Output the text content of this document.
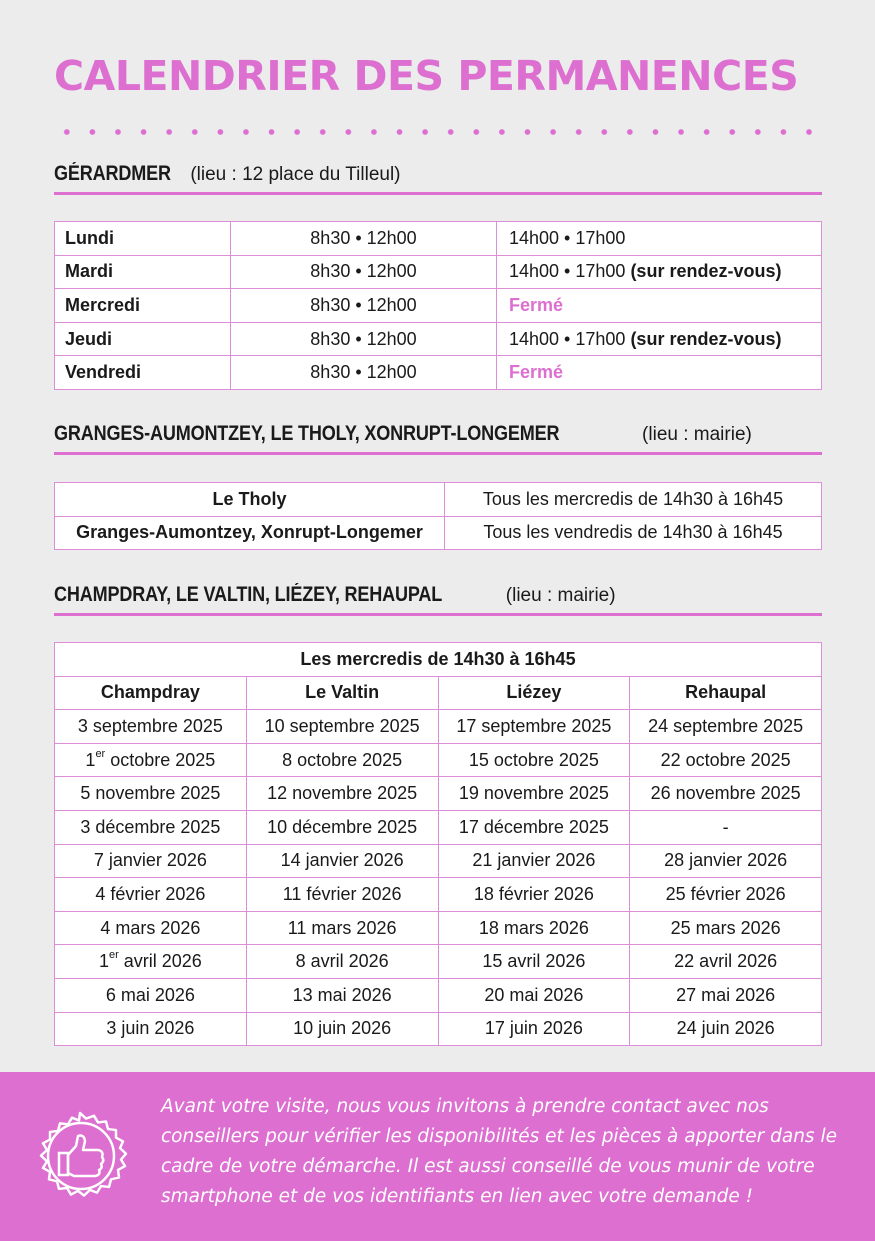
CALENDRIER DES PERMANENCES
GÉRARDMER (lieu : 12 place du Tilleul)
Lundi	8h30 • 12h00	14h00 • 17h00
Mardi	8h30 • 12h00	14h00 • 17h00 (sur rendez-vous)
Mercredi	8h30 • 12h00	Fermé
Jeudi	8h30 • 12h00	14h00 • 17h00 (sur rendez-vous)
Vendredi	8h30 • 12h00	Fermé
GRANGES-AUMONTZEY, LE THOLY, XONRUPT-LONGEMER	(lieu : mairie)
Le Tholy	Tous les mercredis de 14h30 à 16h45
Granges-Aumontzey, Xonrupt-Longemer	Tous les vendredis de 14h30 à 16h45
CHAMPDRAY, LE VALTIN, LIÉZEY, REHAUPAL	(lieu : mairie)
Les mercredis de 14h30 à 16h45			
Champdray	Le Valtin	Liézey	Rehaupal
3 septembre 2025	10 septembre 2025	17 septembre 2025	24 septembre 2025
1er octobre 2025	8 octobre 2025	15 octobre 2025	22 octobre 2025
5 novembre 2025	12 novembre 2025	19 novembre 2025	26 novembre 2025
3 décembre 2025	10 décembre 2025	17 décembre 2025	-
7 janvier 2026	14 janvier 2026	21 janvier 2026	28 janvier 2026
4 février 2026	11 février 2026	18 février 2026	25 février 2026
4 mars 2026	11 mars 2026	18 mars 2026	25 mars 2026
1er avril 2026	8 avril 2026	15 avril 2026	22 avril 2026
6 mai 2026	13 mai 2026	20 mai 2026	27 mai 2026
3 juin 2026	10 juin 2026	17 juin 2026	24 juin 2026
Avant votre visite, nous vous invitons à prendre contact avec nos conseillers pour vérifier les disponibilités et les pièces à apporter dans le cadre de votre démarche. Il est aussi conseillé de vous munir de votre smartphone et de vos identifiants en lien avec votre demande !
